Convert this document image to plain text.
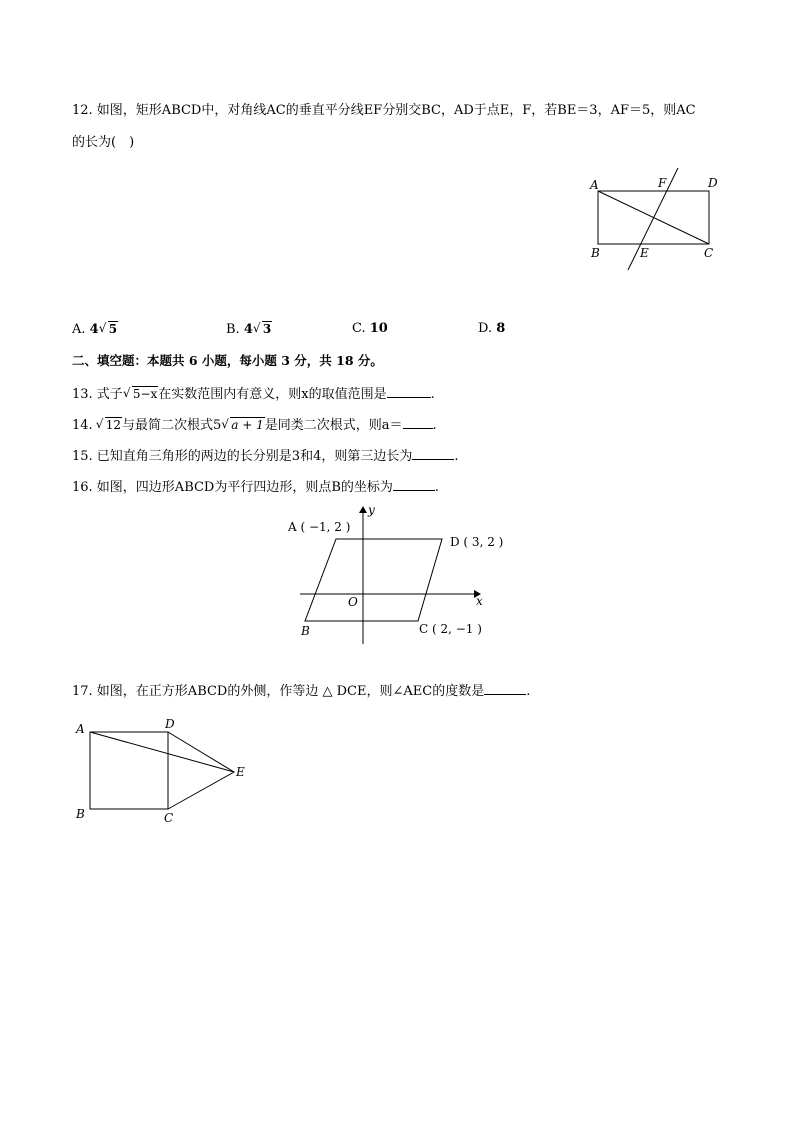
12. 如图，矩形ABCD中，对角线AC的垂直平分线EF分别交BC，AD于点E，F，若BE＝3，AF＝5，则AC
的长为(　)
A	F	D
B	E	C
A. 4 √ 5	B. 4 √ 3	C. 10	D. 8
二、填空题：本题共 6 小题，每小题 3 分，共 18 分。
13. 式子 √ 5−x在实数范围内有意义，则x的取值范围是	.
14. √ 12与最简二次根式5 √ a + 1是同类二次根式，则a＝ .
15. 已知直角三角形的两边的长分别是3和4，则第三边长为	.
16. 如图，四边形ABCD为平行四边形，则点B的坐标为	.
y
x
O
A ( −1, 2 )
D ( 3, 2 )
C ( 2, −1 )
B
17. 如图，在正方形ABCD的外侧，作等边 △ DCE，则∠AEC的度数是	.
A	D
E
B	C
